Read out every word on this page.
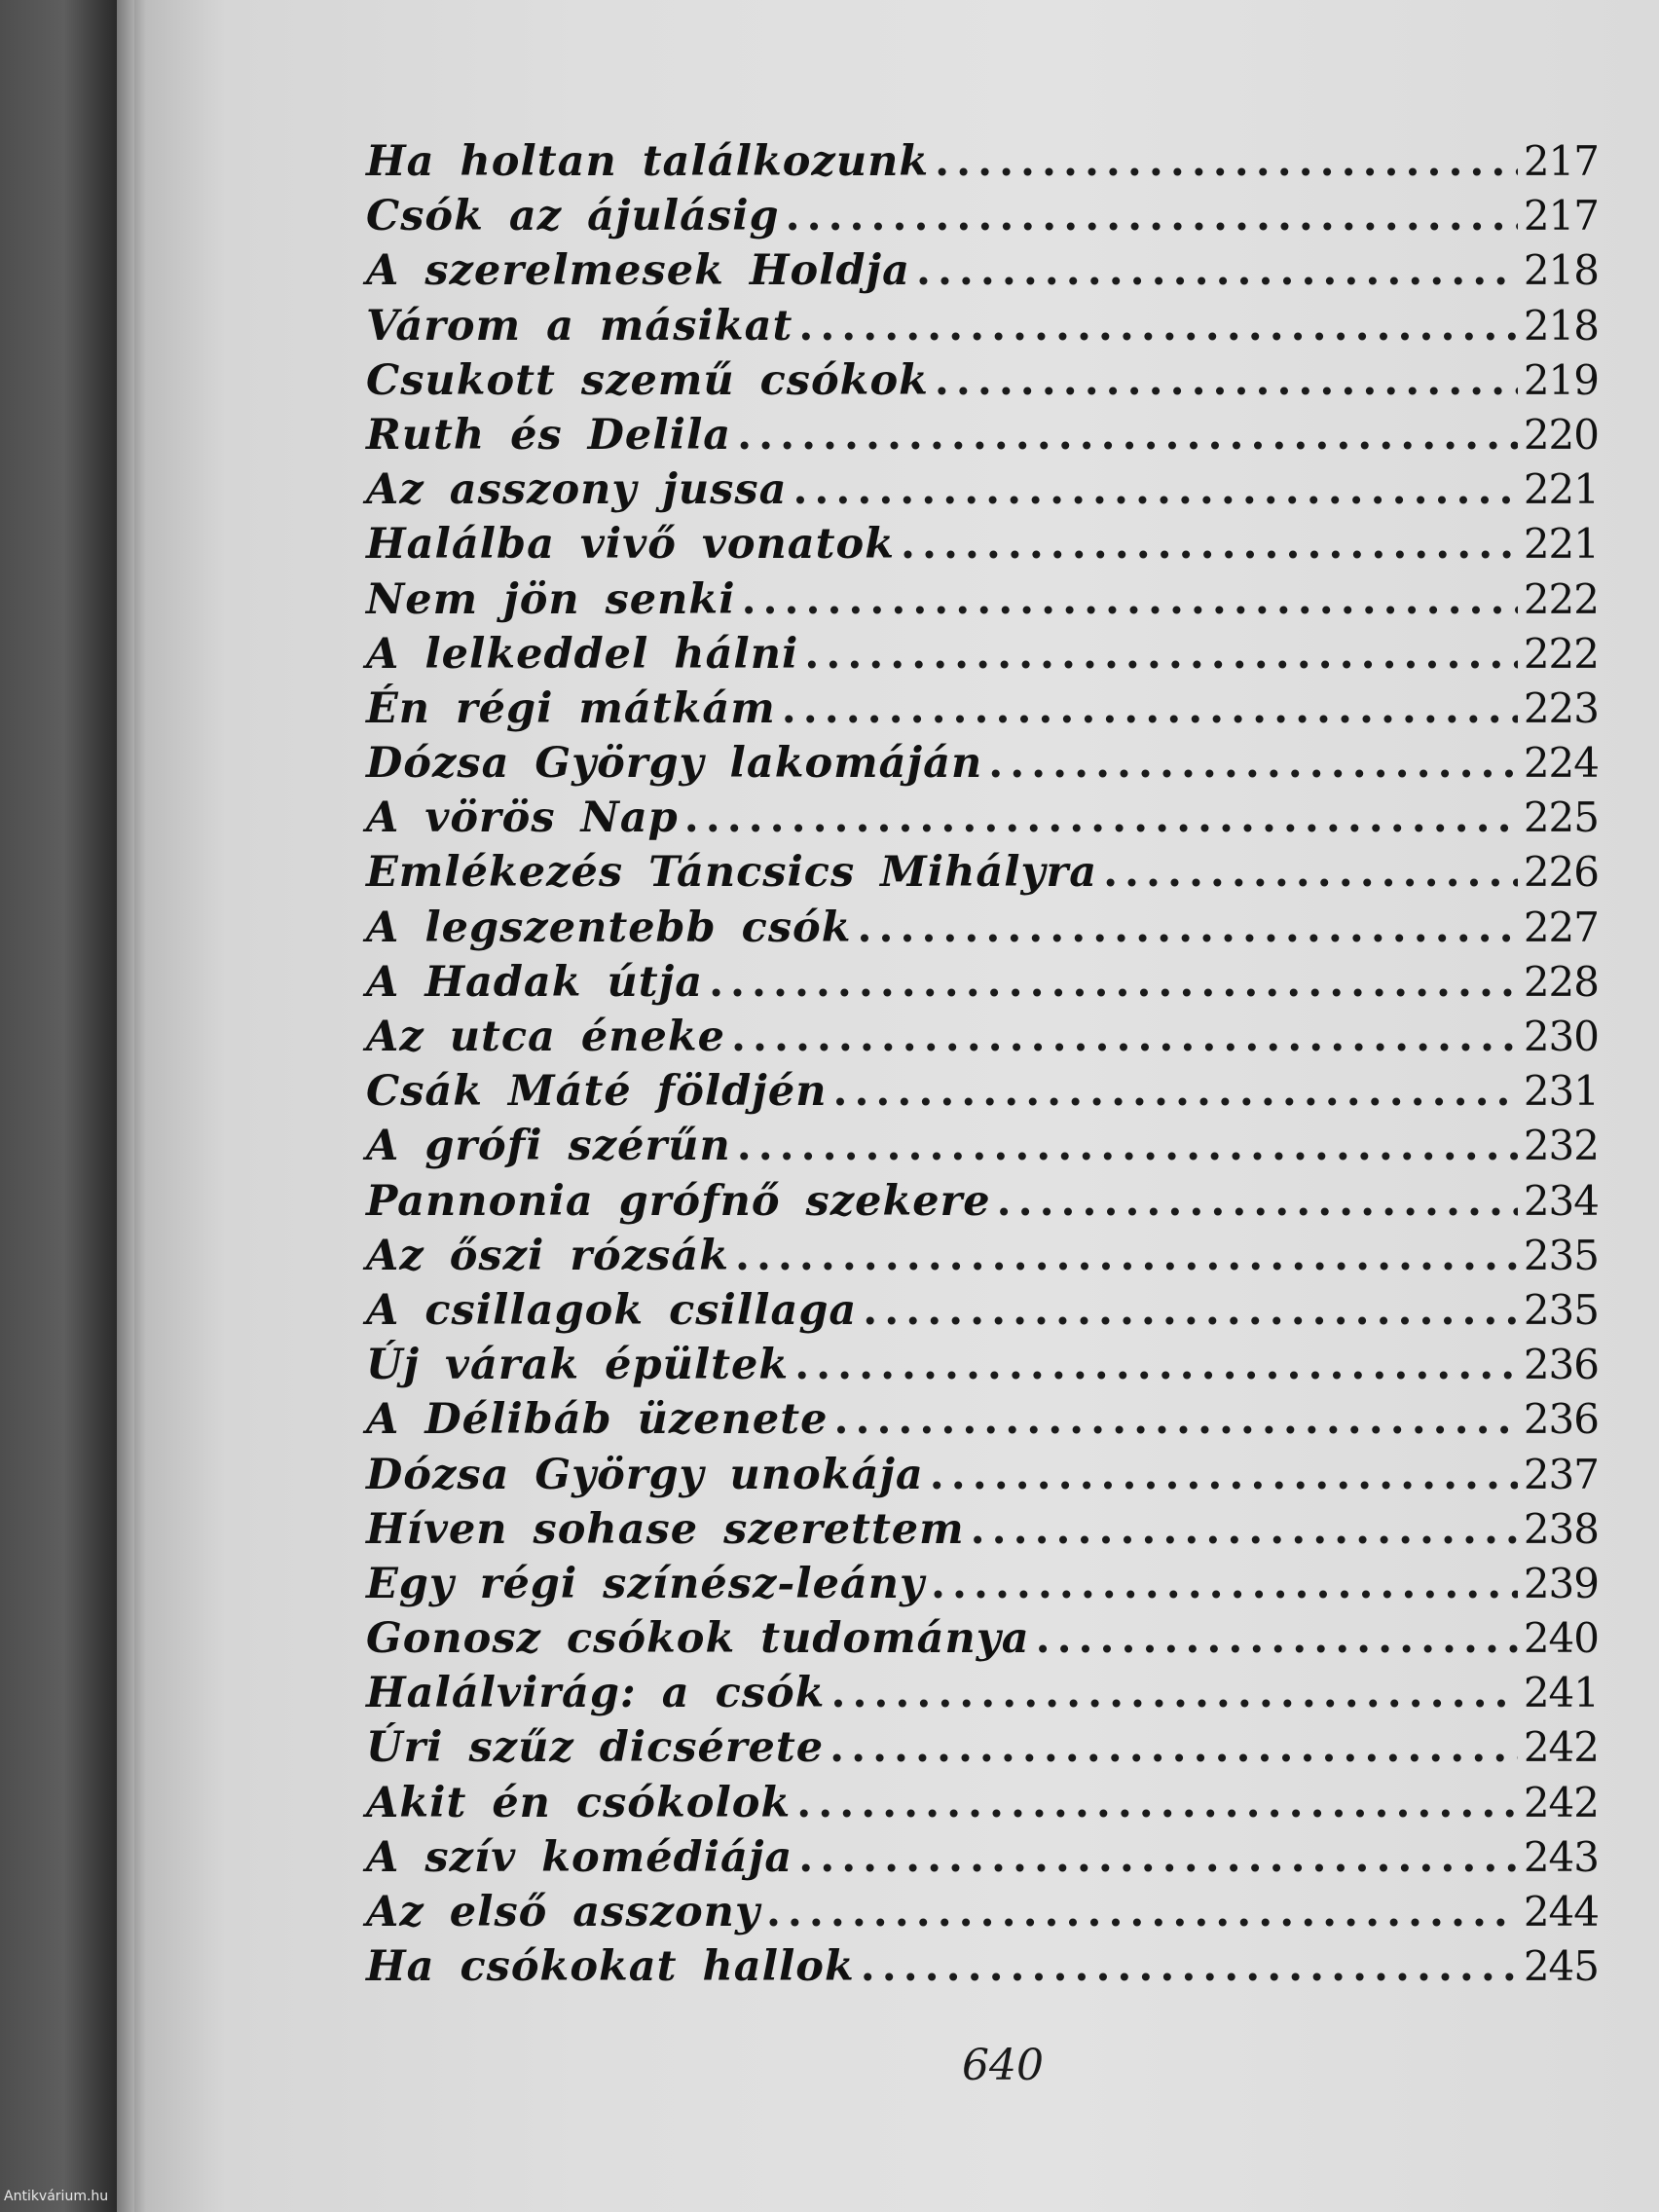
Ha holtan találkozunk .....	217
Csók az ájulásig .....	217
A szerelmesek Holdja .....	218
Várom a másikat .....	218
Csukott szemű csókok .....	219
Ruth és Delila .....	220
Az asszony jussa .....	221
Halálba vivő vonatok .....	221
Nem jön senki .....	222
A lelkeddel hálni .....	222
Én régi mátkám .....	223
Dózsa György lakomáján .....	224
A vörös Nap .....	225
Emlékezés Táncsics Mihályra .....	226
A legszentebb csók .....	227
A Hadak útja .....	228
Az utca éneke .....	230
Csák Máté földjén .....	231
A grófi szérűn .....	232
Pannonia grófnő szekere .....	234
Az őszi rózsák .....	235
A csillagok csillaga .....	235
Új várak épültek .....	236
A Délibáb üzenete .....	236
Dózsa György unokája .....	237
Híven sohase szerettem .....	238
Egy régi színész-leány .....	239
Gonosz csókok tudománya .....	240
Halálvirág: a csók .....	241
Úri szűz dicsérete .....	242
Akit én csókolok .....	242
A szív komédiája .....	243
Az első asszony .....	244
Ha csókokat hallok .....	245
640
Antikvárium.hu
